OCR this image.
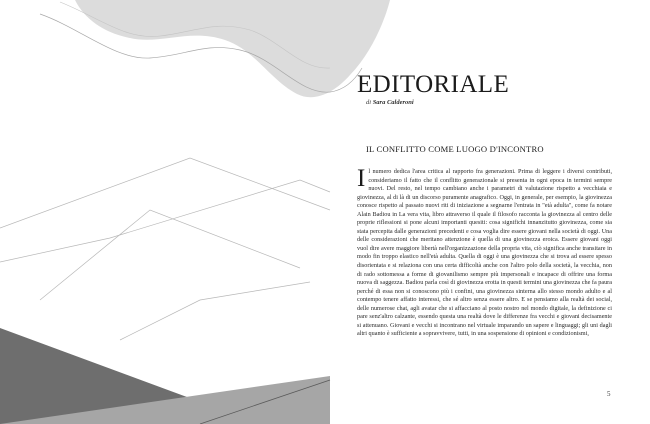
EDITORIALE
di Sara Calderoni
IL CONFLITTO COME LUOGO D'INCONTRO

Il numero dedica l'area critica al rapporto fra generazioni. Prima di leggere i diversi contributi, consideriamo il fatto che il conflitto generazionale si presenta in ogni epoca in termini sempre nuovi. Del resto, nel tempo cambiano anche i parametri di valutazione rispetto a vecchiaia e giovinezza, al di là di un discorso puramente anagrafico. Oggi, in generale, per esempio, la giovinezza conosce rispetto al passato nuovi riti di iniziazione a segnarne l'entrata in "età adulta", come fa notare Alain Badiou in La vera vita, libro attraverso il quale il filosofo racconta la giovinezza al centro delle proprie riflessioni si pone alcuni importanti quesiti: cosa significhi innanzitutto giovinezza, come sia stata percepita dalle generazioni precedenti e cosa voglia dire essere giovani nella società di oggi. Una delle considerazioni che meritano attenzione è quella di una giovinezza eroica. Essere giovani oggi vuol dire avere maggiore libertà nell'organizzazione della propria vita, ciò significa anche transitare in modo fin troppo elastico nell'età adulta. Quella di oggi è una giovinezza che si trova ad essere spesso disorientata e si relaziona con una certa difficoltà anche con l'altro polo della società, la vecchia, non di rado sottomessa a forme di giovanilismo sempre più impersonali e incapace di offrire una forma nuova di saggezza. Badiou parla così di giovinezza erotta in questi termini una giovinezza che fa paura perché di essa non si conoscono più i confini, una giovinezza sinterna allo stesso mondo adulto e al contempo tenere affatto interessi, che sé altro senza essere altro. E se pensiamo alla realtà dei social, delle numerose chat, agli avatar che si affacciano al posto nostro nel mondo digitale, la definizione ci pare senz'altro calzante, essendo questa una realtà dove le differenze fra vecchi e giovani decisamente si attenuano. Giovani e vecchi si incontrano nel virtuale imparando un sapere e linguaggi; gli uni dagli altri quanto è sufficiente a sopravvivere, tutti, in una sospensione di opinioni e condizionismi,

5
